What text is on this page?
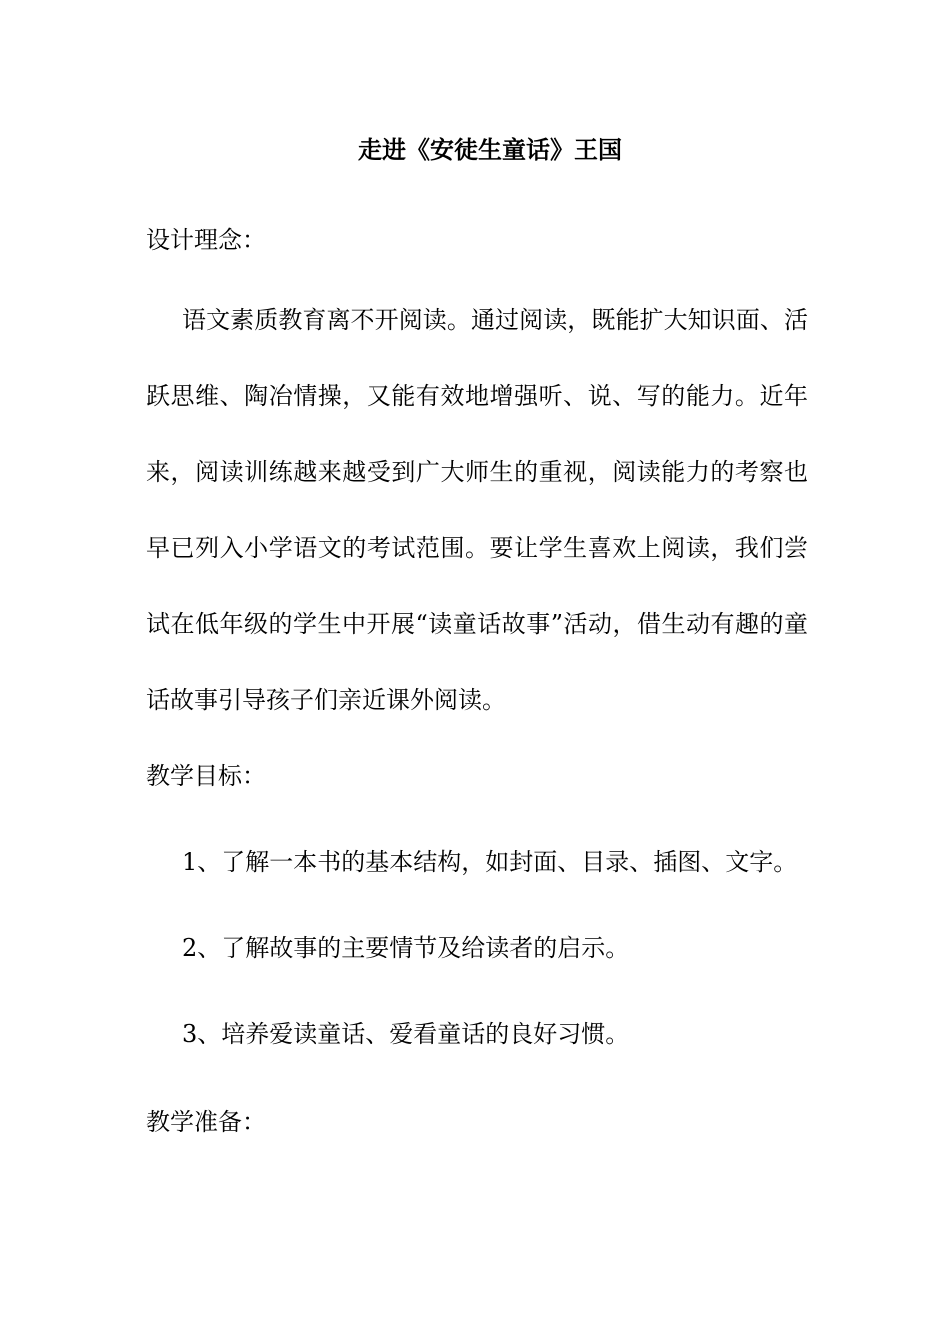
走进《安徒生童话》王国

设计理念：

语文素质教育离不开阅读。通过阅读，既能扩大知识面、活跃思维、陶冶情操，又能有效地增强听、说、写的能力。近年来，阅读训练越来越受到广大师生的重视，阅读能力的考察也早已列入小学语文的考试范围。要让学生喜欢上阅读，我们尝试在低年级的学生中开展“读童话故事”活动，借生动有趣的童话故事引导孩子们亲近课外阅读。

教学目标：

1、了解一本书的基本结构，如封面、目录、插图、文字。

2、了解故事的主要情节及给读者的启示。

3、培养爱读童话、爱看童话的良好习惯。

教学准备：
